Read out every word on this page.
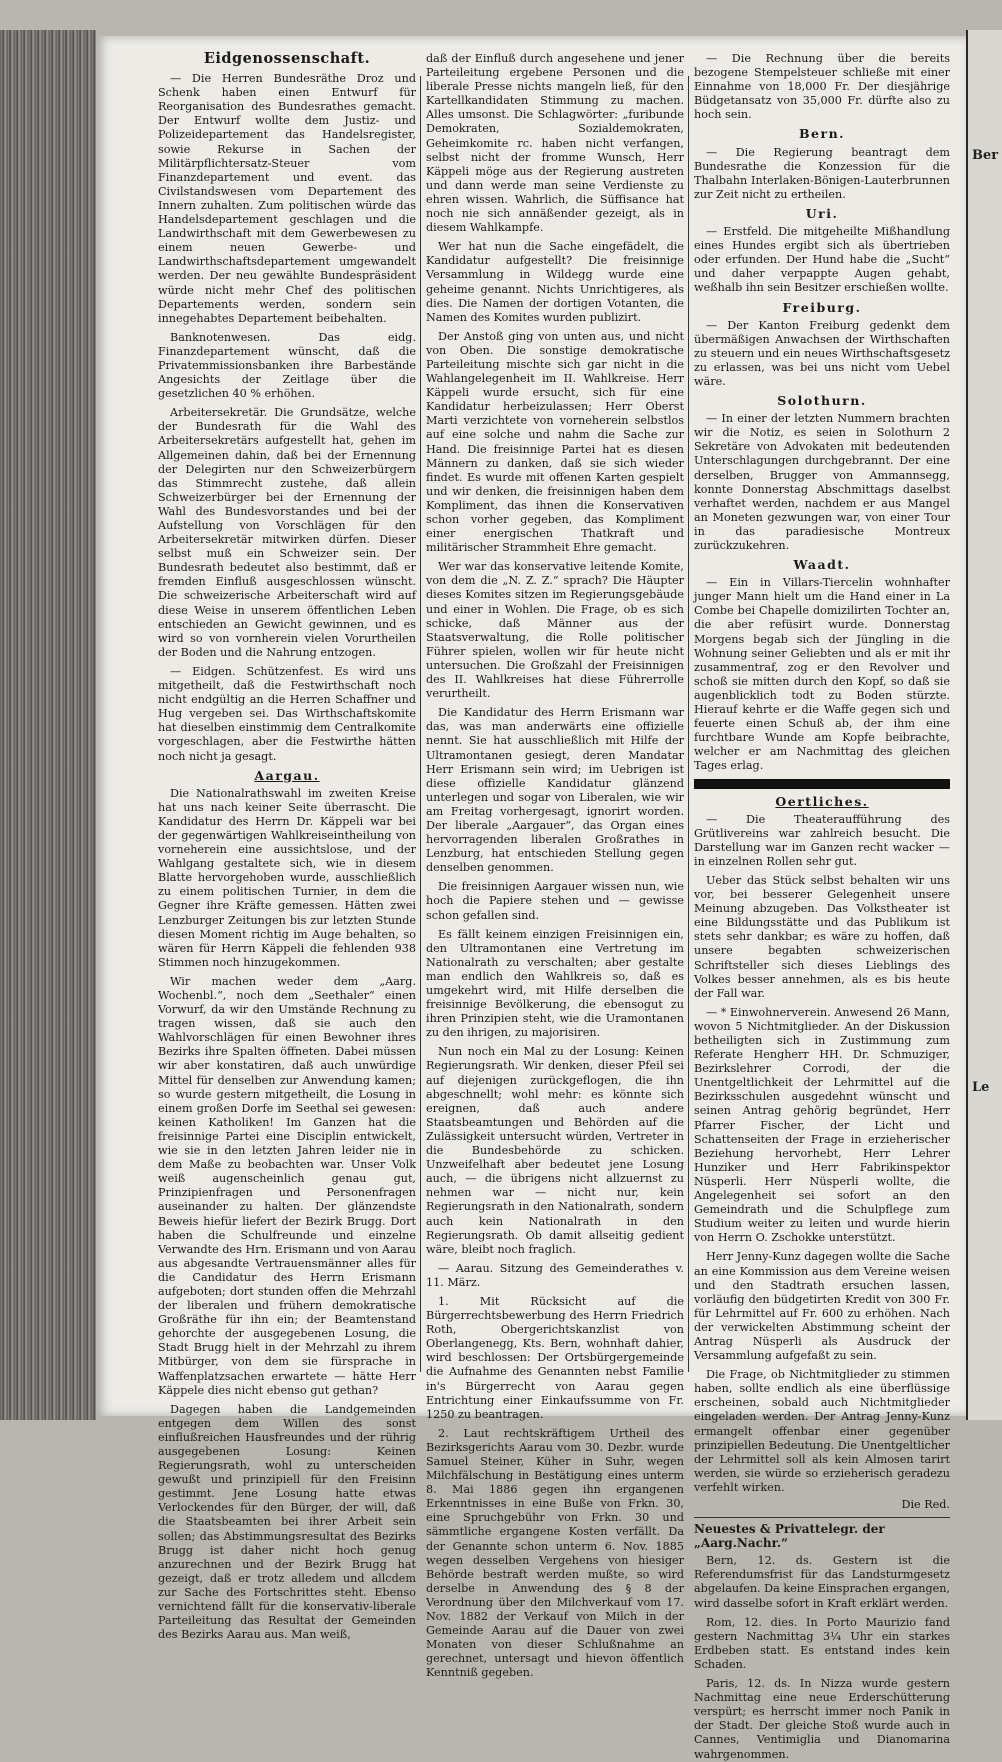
Ber
Le
Eidgenossenschaft.

— Die Herren Bundesräthe Droz und Schenk haben einen Entwurf für Reorganisation des Bundesrathes gemacht. Der Entwurf wollte dem Justiz- und Polizeidepartement das Handelsregister, sowie Rekurse in Sachen der Militärpflichtersatz-Steuer vom Finanzdepartement und event. das Civilstandswesen vom Departement des Innern zuhalten. Zum politischen würde das Handelsdepartement geschlagen und die Landwirthschaft mit dem Gewerbewesen zu einem neuen Gewerbe- und Landwirthschaftsdepartement umgewandelt werden. Der neu gewählte Bundespräsident würde nicht mehr Chef des politischen Departements werden, sondern sein innegehabtes Departement beibehalten.

Banknotenwesen. Das eidg. Finanzdepartement wünscht, daß die Privatemmissionsbanken ihre Barbestände Angesichts der Zeitlage über die gesetzlichen 40 % erhöhen.

Arbeitersekretär. Die Grundsätze, welche der Bundesrath für die Wahl des Arbeitersekretärs aufgestellt hat, gehen im Allgemeinen dahin, daß bei der Ernennung der Delegirten nur den Schweizerbürgern das Stimmrecht zustehe, daß allein Schweizerbürger bei der Ernennung der Wahl des Bundesvorstandes und bei der Aufstellung von Vorschlägen für den Arbeitersekretär mitwirken dürfen. Dieser selbst muß ein Schweizer sein. Der Bundesrath bedeutet also bestimmt, daß er fremden Einfluß ausgeschlossen wünscht. Die schweizerische Arbeiterschaft wird auf diese Weise in unserem öffentlichen Leben entschieden an Gewicht gewinnen, und es wird so von vornherein vielen Vorurtheilen der Boden und die Nahrung entzogen.

— Eidgen. Schützenfest. Es wird uns mitgetheilt, daß die Festwirthschaft noch nicht endgültig an die Herren Schaffner und Hug vergeben sei. Das Wirthschaftskomite hat dieselben einstimmig dem Centralkomite vorgeschlagen, aber die Festwirthe hätten noch nicht ja gesagt.

Aargau.

Die Nationalrathswahl im zweiten Kreise hat uns nach keiner Seite überrascht. Die Kandidatur des Herrn Dr. Käppeli war bei der gegenwärtigen Wahlkreiseintheilung von vorneherein eine aussichtslose, und der Wahlgang gestaltete sich, wie in diesem Blatte hervorgehoben wurde, ausschließlich zu einem politischen Turnier, in dem die Gegner ihre Kräfte gemessen. Hätten zwei Lenzburger Zeitungen bis zur letzten Stunde diesen Moment richtig im Auge behalten, so wären für Herrn Käppeli die fehlenden 938 Stimmen noch hinzugekommen.

Wir machen weder dem „Aarg. Wochenbl.“, noch dem „Seethaler“ einen Vorwurf, da wir den Umstände Rechnung zu tragen wissen, daß sie auch den Wahlvorschlägen für einen Bewohner ihres Bezirks ihre Spalten öffneten. Dabei müssen wir aber konstatiren, daß auch unwürdige Mittel für denselben zur Anwendung kamen; so wurde gestern mitgetheilt, die Losung in einem großen Dorfe im Seethal sei gewesen: keinen Katholiken! Im Ganzen hat die freisinnige Partei eine Disciplin entwickelt, wie sie in den letzten Jahren leider nie in dem Maße zu beobachten war. Unser Volk weiß augenscheinlich genau gut, Prinzipienfragen und Personenfragen auseinander zu halten. Der glänzendste Beweis hiefür liefert der Bezirk Brugg. Dort haben die Schulfreunde und einzelne Verwandte des Hrn. Erismann und von Aarau aus abgesandte Vertrauensmänner alles für die Candidatur des Herrn Erismann aufgeboten; dort stunden offen die Mehrzahl der liberalen und frühern demokratische Großräthe für ihn ein; der Beamtenstand gehorchte der ausgegebenen Losung, die Stadt Brugg hielt in der Mehrzahl zu ihrem Mitbürger, von dem sie fürsprache in Waffenplatzsachen erwartete — hätte Herr Käppele dies nicht ebenso gut gethan?

Dagegen haben die Landgemeinden entgegen dem Willen des sonst einflußreichen Hausfreundes und der rührig ausgegebenen Losung: Keinen Regierungsrath, wohl zu unterscheiden gewußt und prinzipiell für den Freisinn gestimmt. Jene Losung hatte etwas Verlockendes für den Bürger, der will, daß die Staatsbeamten bei ihrer Arbeit sein sollen; das Abstimmungsresultat des Bezirks Brugg ist daher nicht hoch genug anzurechnen und der Bezirk Brugg hat gezeigt, daß er trotz alledem und allcdem zur Sache des Fortschrittes steht. Ebenso vernichtend fällt für die konservativ-liberale Parteileitung das Resultat der Gemeinden des Bezirks Aarau aus. Man weiß,

daß der Einfluß durch angesehene und jener Parteileitung ergebene Personen und die liberale Presse nichts mangeln ließ, für den Kartellkandidaten Stimmung zu machen. Alles umsonst. Die Schlagwörter: „furibunde Demokraten, Sozialdemokraten, Geheimkomite rc. haben nicht verfangen, selbst nicht der fromme Wunsch, Herr Käppeli möge aus der Regierung austreten und dann werde man seine Verdienste zu ehren wissen. Wahrlich, die Süffisance hat noch nie sich annäßender gezeigt, als in diesem Wahlkampfe.

Wer hat nun die Sache eingefädelt, die Kandidatur aufgestellt? Die freisinnige Versammlung in Wildegg wurde eine geheime genannt. Nichts Unrichtigeres, als dies. Die Namen der dortigen Votanten, die Namen des Komites wurden publizirt.

Der Anstoß ging von unten aus, und nicht von Oben. Die sonstige demokratische Parteileitung mischte sich gar nicht in die Wahlangelegenheit im II. Wahlkreise. Herr Käppeli wurde ersucht, sich für eine Kandidatur herbeizulassen; Herr Oberst Marti verzichtete von vorneherein selbstlos auf eine solche und nahm die Sache zur Hand. Die freisinnige Partei hat es diesen Männern zu danken, daß sie sich wieder findet. Es wurde mit offenen Karten gespielt und wir denken, die freisinnigen haben dem Kompliment, das ihnen die Konservativen schon vorher gegeben, das Kompliment einer energischen Thatkraft und militärischer Strammheit Ehre gemacht.

Wer war das konservative leitende Komite, von dem die „N. Z. Z.“ sprach? Die Häupter dieses Komites sitzen im Regierungsgebäude und einer in Wohlen. Die Frage, ob es sich schicke, daß Männer aus der Staatsverwaltung, die Rolle politischer Führer spielen, wollen wir für heute nicht untersuchen. Die Großzahl der Freisinnigen des II. Wahlkreises hat diese Führerrolle verurtheilt.

Die Kandidatur des Herrn Erismann war das, was man anderwärts eine offizielle nennt. Sie hat ausschließlich mit Hilfe der Ultramontanen gesiegt, deren Mandatar Herr Erismann sein wird; im Uebrigen ist diese offizielle Kandidatur glänzend unterlegen und sogar von Liberalen, wie wir am Freitag vorhergesagt, ignorirt worden. Der liberale „Aargauer“, das Organ eines hervorragenden liberalen Großrathes in Lenzburg, hat entschieden Stellung gegen denselben genommen.

Die freisinnigen Aargauer wissen nun, wie hoch die Papiere stehen und — gewisse schon gefallen sind.

Es fällt keinem einzigen Freisinnigen ein, den Ultramontanen eine Vertretung im Nationalrath zu verschalten; aber gestalte man endlich den Wahlkreis so, daß es umgekehrt wird, mit Hilfe derselben die freisinnige Bevölkerung, die ebensogut zu ihren Prinzipien steht, wie die Uramontanen zu den ihrigen, zu majorisiren.

Nun noch ein Mal zu der Losung: Keinen Regierungsrath. Wir denken, dieser Pfeil sei auf diejenigen zurückgeflogen, die ihn abgeschnellt; wohl mehr: es könnte sich ereignen, daß auch andere Staatsbeamtungen und Behörden auf die Zulässigkeit untersucht würden, Vertreter in die Bundesbehörde zu schicken. Unzweifelhaft aber bedeutet jene Losung auch, — die übrigens nicht allzuernst zu nehmen war — nicht nur, kein Regierungsrath in den Nationalrath, sondern auch kein Nationalrath in den Regierungsrath. Ob damit allseitig gedient wäre, bleibt noch fraglich.

— Aarau. Sitzung des Gemeinderathes v. 11. März.

1. Mit Rücksicht auf die Bürgerrechtsbewerbung des Herrn Friedrich Roth, Obergerichtskanzlist von Oberlangenegg, Kts. Bern, wohnhaft dahier, wird beschlossen: Der Ortsbürgergemeinde die Aufnahme des Genannten nebst Familie in's Bürgerrecht von Aarau gegen Entrichtung einer Einkaufssumme von Fr. 1250 zu beantragen.

2. Laut rechtskräftigem Urtheil des Bezirksgerichts Aarau vom 30. Dezbr. wurde Samuel Steiner, Küher in Suhr, wegen Milchfälschung in Bestätigung eines unterm 8. Mai 1886 gegen ihn ergangenen Erkenntnisses in eine Buße von Frkn. 30, eine Spruchgebühr von Frkn. 30 und sämmtliche ergangene Kosten verfällt. Da der Genannte schon unterm 6. Nov. 1885 wegen desselben Vergehens von hiesiger Behörde bestraft werden mußte, so wird derselbe in Anwendung des § 8 der Verordnung über den Milchverkauf vom 17. Nov. 1882 der Verkauf von Milch in der Gemeinde Aarau auf die Dauer von zwei Monaten von dieser Schlußnahme an gerechnet, untersagt und hievon öffentlich Kenntniß gegeben.

— Die Rechnung über die bereits bezogene Stempelsteuer schließe mit einer Einnahme von 18,000 Fr. Der diesjährige Büdgetansatz von 35,000 Fr. dürfte also zu hoch sein.

Bern.

— Die Regierung beantragt dem Bundesrathe die Konzession für die Thalbahn Interlaken-Bönigen-Lauterbrunnen zur Zeit nicht zu ertheilen.

Uri.

— Erstfeld. Die mitgeheilte Mißhandlung eines Hundes ergibt sich als übertrieben oder erfunden. Der Hund habe die „Sucht“ und daher verpappte Augen gehabt, weßhalb ihn sein Besitzer erschießen wollte.

Freiburg.

— Der Kanton Freiburg gedenkt dem übermäßigen Anwachsen der Wirthschaften zu steuern und ein neues Wirthschaftsgesetz zu erlassen, was bei uns nicht vom Uebel wäre.

Solothurn.

— In einer der letzten Nummern brachten wir die Notiz, es seien in Solothurn 2 Sekretäre von Advokaten mit bedeutenden Unterschlagungen durchgebrannt. Der eine derselben, Brugger von Ammannsegg, konnte Donnerstag Abschmittags daselbst verhaftet werden, nachdem er aus Mangel an Moneten gezwungen war, von einer Tour in das paradiesische Montreux zurückzukehren.

Waadt.

— Ein in Villars-Tiercelin wohnhafter junger Mann hielt um die Hand einer in La Combe bei Chapelle domizilirten Tochter an, die aber refüsirt wurde. Donnerstag Morgens begab sich der Jüngling in die Wohnung seiner Geliebten und als er mit ihr zusammentraf, zog er den Revolver und schoß sie mitten durch den Kopf, so daß sie augenblicklich todt zu Boden stürzte. Hierauf kehrte er die Waffe gegen sich und feuerte einen Schuß ab, der ihm eine furchtbare Wunde am Kopfe beibrachte, welcher er am Nachmittag des gleichen Tages erlag.

Oertliches.

— Die Theateraufführung des Grütlivereins war zahlreich besucht. Die Darstellung war im Ganzen recht wacker — in einzelnen Rollen sehr gut.

Ueber das Stück selbst behalten wir uns vor, bei besserer Gelegenheit unsere Meinung abzugeben. Das Volkstheater ist eine Bildungsstätte und das Publikum ist stets sehr dankbar; es wäre zu hoffen, daß unsere begabten schweizerischen Schriftsteller sich dieses Lieblings des Volkes besser annehmen, als es bis heute der Fall war.

— * Einwohnerverein. Anwesend 26 Mann, wovon 5 Nichtmitglieder. An der Diskussion betheiligten sich in Zustimmung zum Referate Hengherr HH. Dr. Schmuziger, Bezirkslehrer Corrodi, der die Unentgeltlichkeit der Lehrmittel auf die Bezirksschulen ausgedehnt wünscht und seinen Antrag gehörig begründet, Herr Pfarrer Fischer, der Licht und Schattenseiten der Frage in erzieherischer Beziehung hervorhebt, Herr Lehrer Hunziker und Herr Fabrikinspektor Nüsperli. Herr Nüsperli wollte, die Angelegenheit sei sofort an den Gemeindrath und die Schulpflege zum Studium weiter zu leiten und wurde hierin von Herrn O. Zschokke unterstützt.

Herr Jenny-Kunz dagegen wollte die Sache an eine Kommission aus dem Vereine weisen und den Stadtrath ersuchen lassen, vorläufig den büdgetirten Kredit von 300 Fr. für Lehrmittel auf Fr. 600 zu erhöhen. Nach der verwickelten Abstimmung scheint der Antrag Nüsperli als Ausdruck der Versammlung aufgefaßt zu sein.

Die Frage, ob Nichtmitglieder zu stimmen haben, sollte endlich als eine überflüssige erscheinen, sobald auch Nichtmitglieder eingeladen werden. Der Antrag Jenny-Kunz ermangelt offenbar einer gegenüber prinzipiellen Bedeutung. Die Unentgeltlicher der Lehrmittel soll als kein Almosen tarirt werden, sie würde so erzieherisch geradezu verfehlt wirken.

Die Red.
Neuestes & Privattelegr. der „Aarg.Nachr.“

Bern, 12. ds. Gestern ist die Referendumsfrist für das Landsturmgesetz abgelaufen. Da keine Einsprachen ergangen, wird dasselbe sofort in Kraft erklärt werden.

Rom, 12. dies. In Porto Maurizio fand gestern Nachmittag 3¼ Uhr ein starkes Erdbeben statt. Es entstand indes kein Schaden.

Paris, 12. ds. In Nizza wurde gestern Nachmittag eine neue Erderschütterung verspürt; es herrscht immer noch Panik in der Stadt. Der gleiche Stoß wurde auch in Cannes, Ventimiglia und Dianomarina wahrgenommen.
